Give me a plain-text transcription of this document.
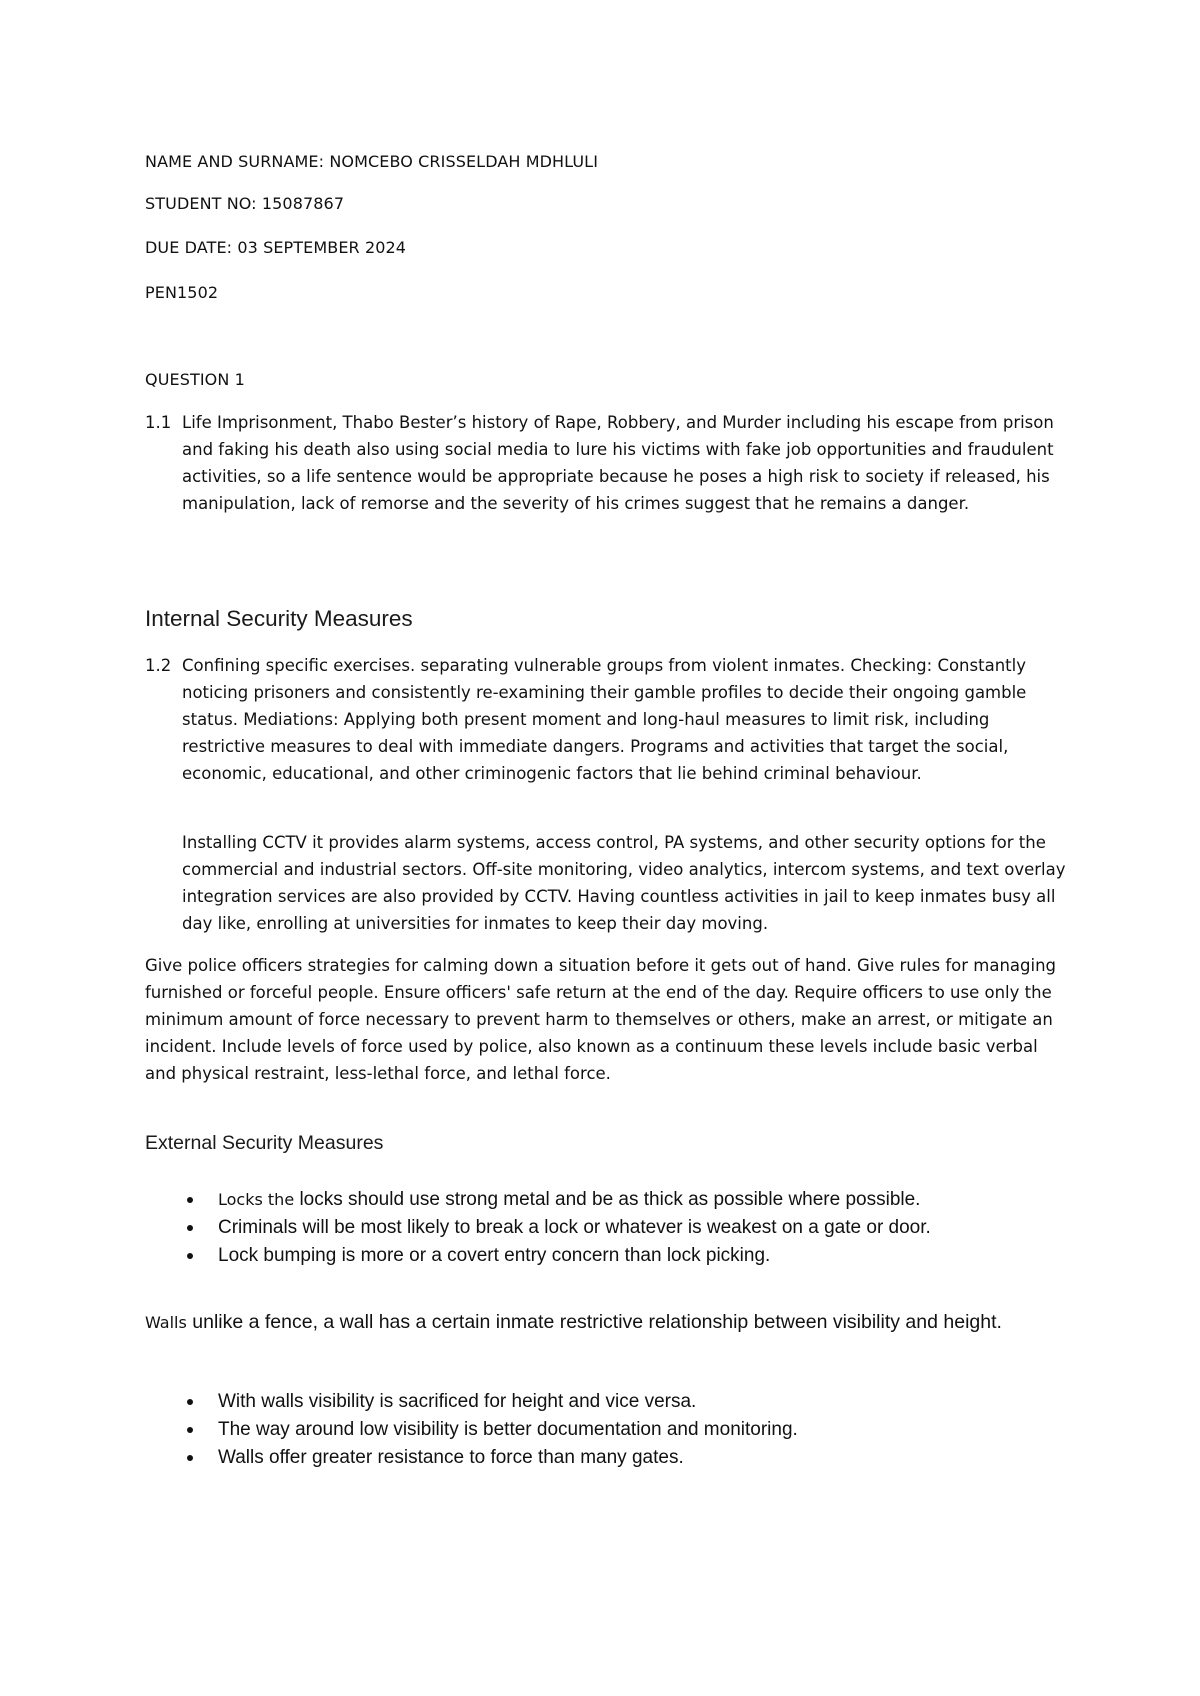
NAME AND SURNAME: NOMCEBO CRISSELDAH MDHLULI
STUDENT NO: 15087867
DUE DATE: 03 SEPTEMBER 2024
PEN1502
QUESTION 1
1.1 Life Imprisonment, Thabo Bester’s history of Rape, Robbery, and Murder including his escape from prison and faking his death also using social media to lure his victims with fake job opportunities and fraudulent activities, so a life sentence would be appropriate because he poses a high risk to society if released, his manipulation, lack of remorse and the severity of his crimes suggest that he remains a danger.
Internal Security Measures
1.2 Confining specific exercises. separating vulnerable groups from violent inmates. Checking: Constantly noticing prisoners and consistently re-examining their gamble profiles to decide their ongoing gamble status. Mediations: Applying both present moment and long-haul measures to limit risk, including restrictive measures to deal with immediate dangers. Programs and activities that target the social, economic, educational, and other criminogenic factors that lie behind criminal behaviour.

Installing CCTV it provides alarm systems, access control, PA systems, and other security options for the commercial and industrial sectors. Off-site monitoring, video analytics, intercom systems, and text overlay integration services are also provided by CCTV. Having countless activities in jail to keep inmates busy all day like, enrolling at universities for inmates to keep their day moving.

Give police officers strategies for calming down a situation before it gets out of hand. Give rules for managing furnished or forceful people. Ensure officers' safe return at the end of the day. Require officers to use only the minimum amount of force necessary to prevent harm to themselves or others, make an arrest, or mitigate an incident. Include levels of force used by police, also known as a continuum these levels include basic verbal and physical restraint, less-lethal force, and lethal force.

External Security Measures
Locks the locks should use strong metal and be as thick as possible where possible.
Criminals will be most likely to break a lock or whatever is weakest on a gate or door.
Lock bumping is more or a covert entry concern than lock picking.
Walls unlike a fence, a wall has a certain inmate restrictive relationship between visibility and height.
With walls visibility is sacrificed for height and vice versa.
The way around low visibility is better documentation and monitoring.
Walls offer greater resistance to force than many gates.
